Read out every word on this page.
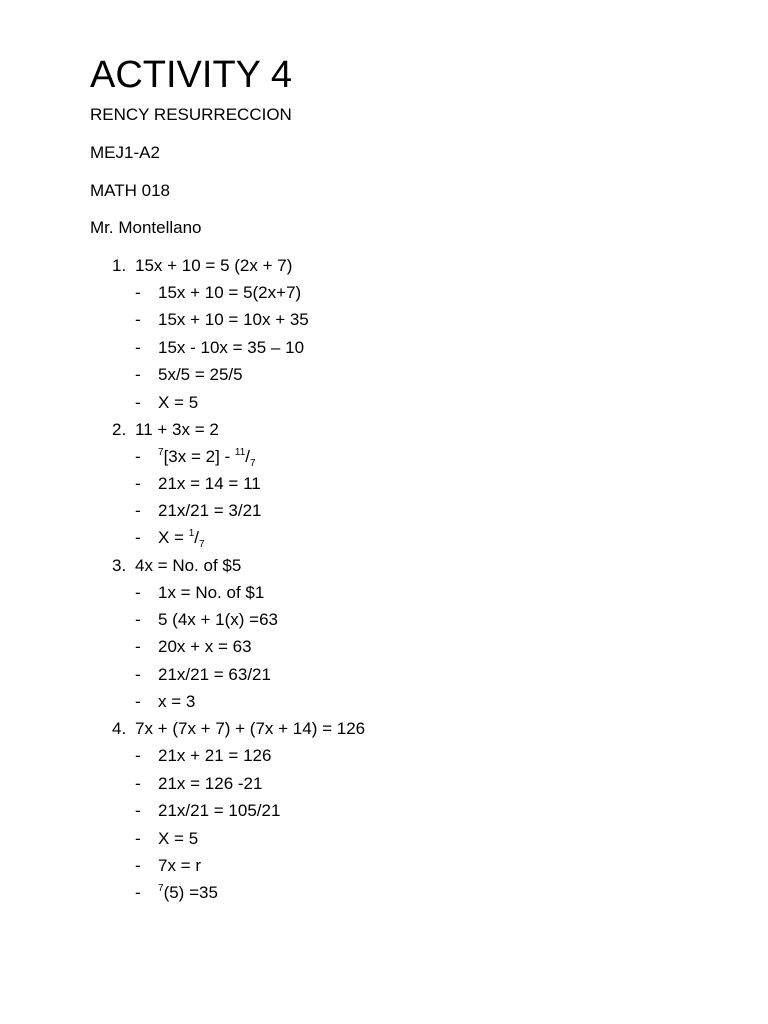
ACTIVITY 4
RENCY RESURRECCION
MEJ1-A2
MATH 018
Mr. Montellano
1. 15x + 10 = 5 (2x + 7)
- 15x + 10 = 5(2x+7)
- 15x + 10 = 10x + 35
- 15x - 10x = 35 – 10
- 5x/5 = 25/5
- X = 5
2. 11 + 3x = 2
- $^7[3x = 2] - ^{11}/_7$
- 21x = 14 = 11
- 21x/21 = 3/21
- $X = ^1/_7$
3. 4x = No. of $5
- 1x = No. of $1
- 5 (4x + 1(x) =63
- 20x + x = 63
- 21x/21 = 63/21
- x = 3
4. 7x + (7x + 7) + (7x + 14) = 126
- 21x + 21 = 126
- 21x = 126 -21
- 21x/21 = 105/21
- X = 5
- 7x = r
- $^7$(5) =35
